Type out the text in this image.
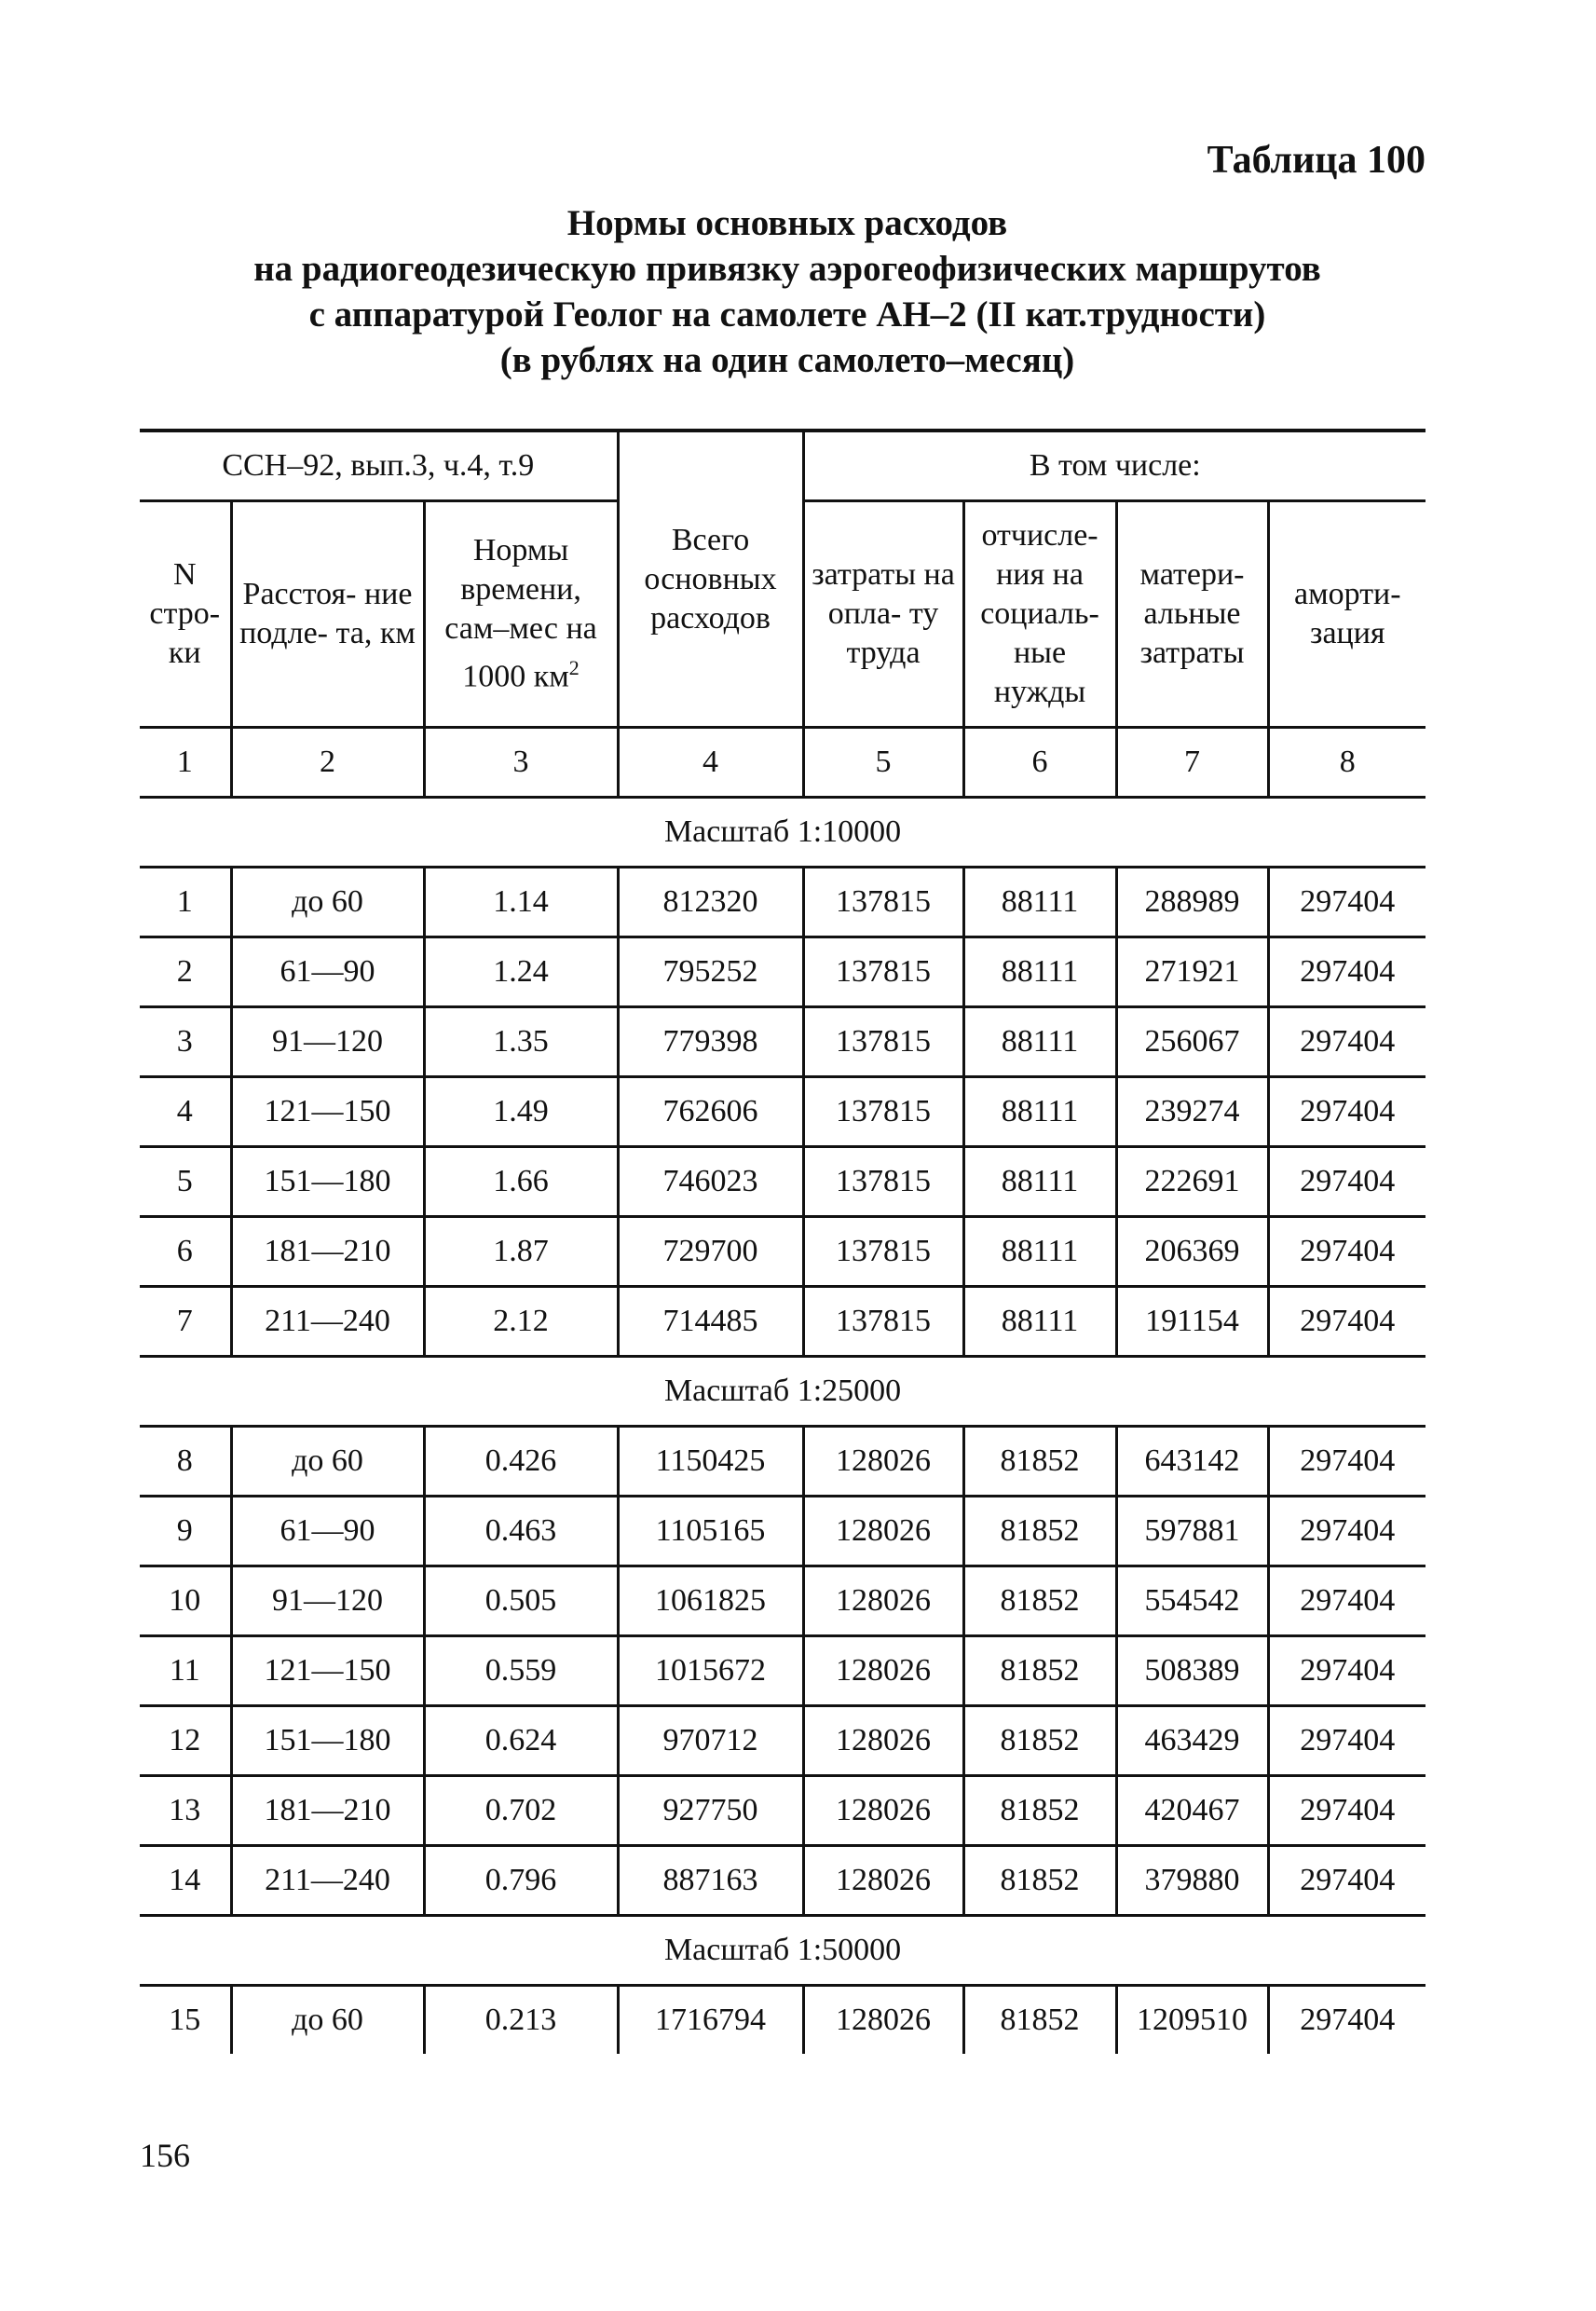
Таблица 100
Нормы основных расходов
на радиогеодезическую привязку аэрогеофизических маршрутов
с аппаратурой Геолог на самолете АН–2 (II кат.трудности)
(в рублях на один самолето–месяц)
ССН–92, вып.3, ч.4, т.9			Всего основных расходов	В том числе:			
N стро- ки	Расстоя- ние подле- та, км	Нормы времени, сам–мес на 1000 $км^2$		затраты на опла- ту труда	отчисле- ния на социаль- ные нужды	матери- альные затраты	аморти- зация
1	2	3	4	5	6	7	8
Масштаб 1:10000							
1	до 60	1.14	812320	137815	88111	288989	297404
2	61—90	1.24	795252	137815	88111	271921	297404
3	91—120	1.35	779398	137815	88111	256067	297404
4	121—150	1.49	762606	137815	88111	239274	297404
5	151—180	1.66	746023	137815	88111	222691	297404
6	181—210	1.87	729700	137815	88111	206369	297404
7	211—240	2.12	714485	137815	88111	191154	297404
Масштаб 1:25000							
8	до 60	0.426	1150425	128026	81852	643142	297404
9	61—90	0.463	1105165	128026	81852	597881	297404
10	91—120	0.505	1061825	128026	81852	554542	297404
11	121—150	0.559	1015672	128026	81852	508389	297404
12	151—180	0.624	970712	128026	81852	463429	297404
13	181—210	0.702	927750	128026	81852	420467	297404
14	211—240	0.796	887163	128026	81852	379880	297404
Масштаб 1:50000							
15	до 60	0.213	1716794	128026	81852	1209510	297404
156
